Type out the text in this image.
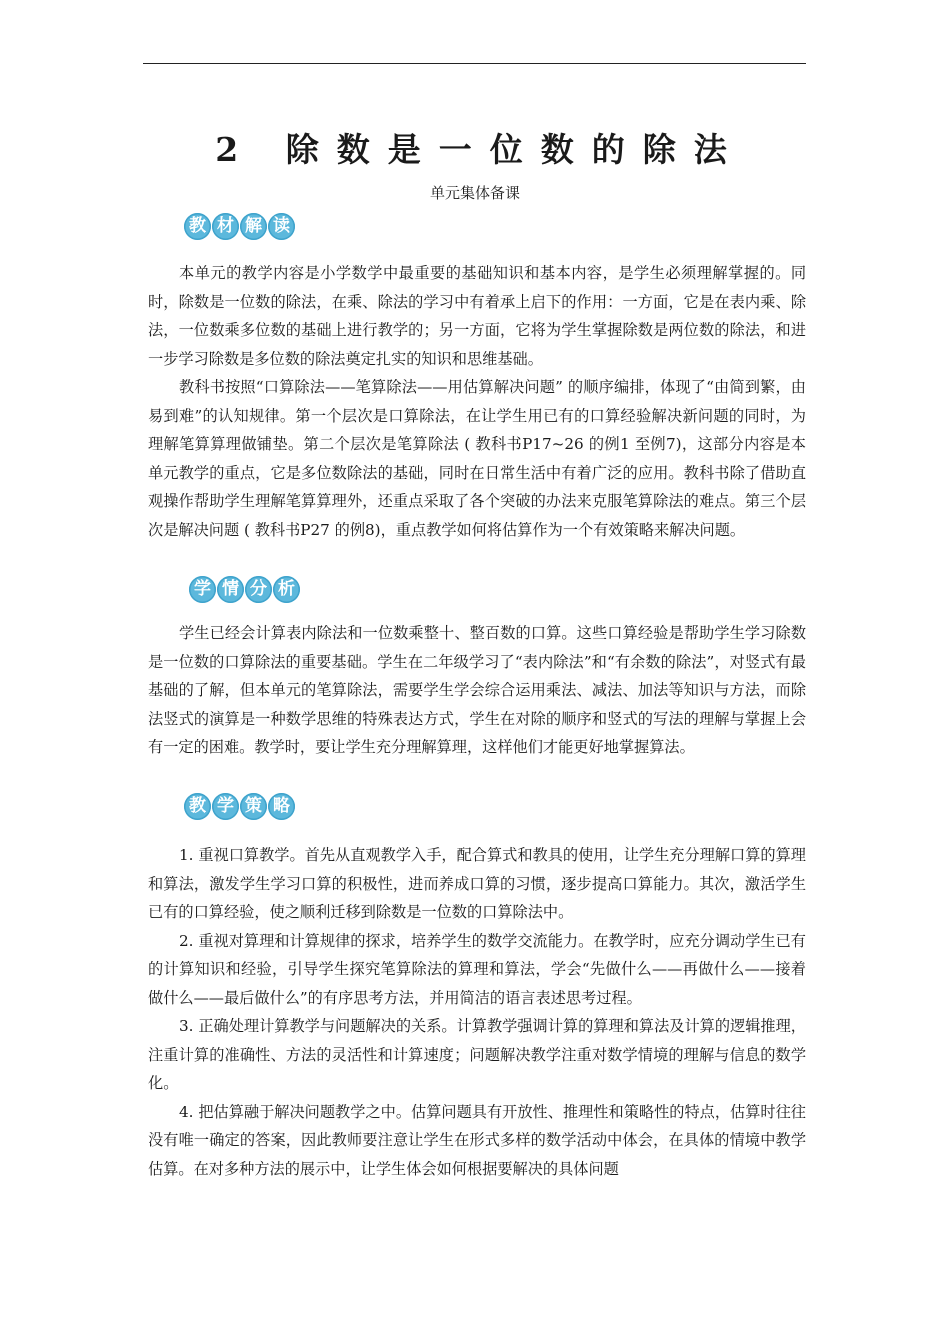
2 除数是一位数的除法
单元集体备课
教 材 解 读

本单元的教学内容是小学数学中最重要的基础知识和基本内容，是学生必须理解掌握的。同时，除数是一位数的除法，在乘、除法的学习中有着承上启下的作用：一方面，它是在表内乘、除法，一位数乘多位数的基础上进行教学的；另一方面，它将为学生掌握除数是两位数的除法，和进一步学习除数是多位数的除法奠定扎实的知识和思维基础。

教科书按照“口算除法——笔算除法——用估算解决问题” 的顺序编排，体现了“由简到繁，由易到难”的认知规律。第一个层次是口算除法，在让学生用已有的口算经验解决新问题的同时，为理解笔算算理做铺垫。第二个层次是笔算除法 ( 教科书P17~26 的例1 至例7)，这部分内容是本单元教学的重点，它是多位数除法的基础，同时在日常生活中有着广泛的应用。教科书除了借助直观操作帮助学生理解笔算算理外，还重点采取了各个突破的办法来克服笔算除法的难点。第三个层次是解决问题 ( 教科书P27 的例8)，重点教学如何将估算作为一个有效策略来解决问题。

学 情 分 析

学生已经会计算表内除法和一位数乘整十、整百数的口算。这些口算经验是帮助学生学习除数是一位数的口算除法的重要基础。学生在二年级学习了“表内除法”和“有余数的除法”，对竖式有最基础的了解，但本单元的笔算除法，需要学生学会综合运用乘法、减法、加法等知识与方法，而除法竖式的演算是一种数学思维的特殊表达方式，学生在对除的顺序和竖式的写法的理解与掌握上会有一定的困难。教学时，要让学生充分理解算理，这样他们才能更好地掌握算法。

教 学 策 略

1. 重视口算教学。首先从直观教学入手，配合算式和教具的使用，让学生充分理解口算的算理和算法，激发学生学习口算的积极性，进而养成口算的习惯，逐步提高口算能力。其次，激活学生已有的口算经验，使之顺利迁移到除数是一位数的口算除法中。

2. 重视对算理和计算规律的探求，培养学生的数学交流能力。在教学时，应充分调动学生已有的计算知识和经验，引导学生探究笔算除法的算理和算法，学会“先做什么——再做什么——接着做什么——最后做什么”的有序思考方法，并用简洁的语言表述思考过程。

3. 正确处理计算教学与问题解决的关系。计算教学强调计算的算理和算法及计算的逻辑推理，注重计算的准确性、方法的灵活性和计算速度；问题解决教学注重对数学情境的理解与信息的数学化。

4. 把估算融于解决问题教学之中。估算问题具有开放性、推理性和策略性的特点，估算时往往没有唯一确定的答案，因此教师要注意让学生在形式多样的数学活动中体会，在具体的情境中教学估算。在对多种方法的展示中，让学生体会如何根据要解决的具体问题
